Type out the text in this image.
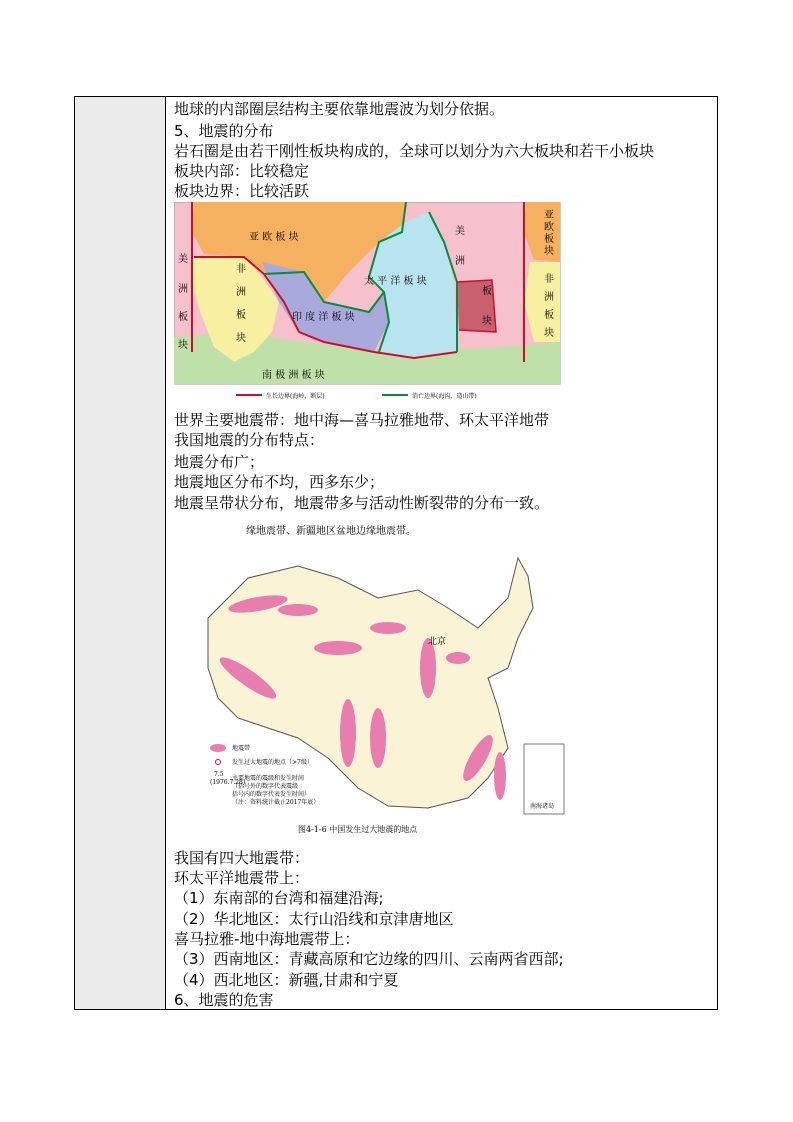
地球的内部圈层结构主要依靠地震波为划分依据。
5、地震的分布
岩石圈是由若干刚性板块构成的，全球可以划分为六大板块和若干小板块
板块内部：比较稳定
板块边界：比较活跃
亚 欧 板 块
美
洲
板
块
非
洲
板
块
印 度 洋 板 块
太 平 洋 板 块
美
洲
板
块
亚
欧
板
块
非
洲
板
块
南 极 洲 板 块
生长边界(海岭、断层)	消亡边界(海沟、造山带)
世界主要地震带：地中海—喜马拉雅地带、环太平洋地带
我国地震的分布特点：
地震分布广；
地震地区分布不均，西多东少；
地震呈带状分布，地震带多与活动性断裂带的分布一致。
缘地震带、新疆地区盆地边缘地震带。
北京
南海诸岛
地震带
发生过大地震的地点（>7级）
7.5
(1976.7.28)
主要地震的震级和发生时间
（括号外的数字代表震级
括号内的数字代表发生时间）
（注：资料统计截止2017年底）
图4-1-6 中国发生过大地震的地点
我国有四大地震带：
环太平洋地震带上：
（1）东南部的台湾和福建沿海;
（2）华北地区：太行山沿线和京津唐地区
喜马拉雅-地中海地震带上：
（3）西南地区：青藏高原和它边缘的四川、云南两省西部;
（4）西北地区：新疆,甘肃和宁夏
6、地震的危害
